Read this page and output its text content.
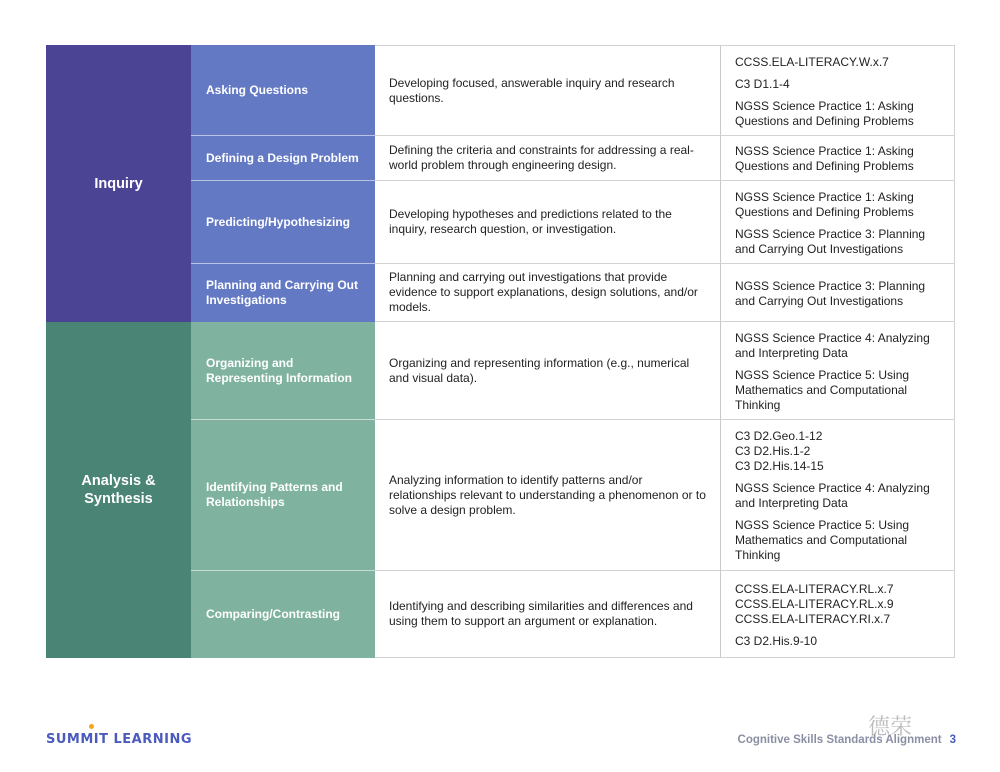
Inquiry
Analysis & Synthesis
Asking Questions	Developing focused, answerable inquiry and research questions.
CCSS.ELA-LITERACY.W.x.7
C3 D1.1-4
NGSS Science Practice 1: Asking Questions and Defining Problems
Defining a Design Problem
Defining the criteria and constraints for addressing a real-world problem through engineering design.
NGSS Science Practice 1: Asking Questions and Defining Problems
Predicting/Hypothesizing
Developing hypotheses and predictions related to the inquiry, research question, or investigation.
NGSS Science Practice 1: Asking Questions and Defining Problems
NGSS Science Practice 3: Planning and Carrying Out Investigations
Planning and Carrying Out Investigations
Planning and carrying out investigations that provide evidence to support explanations, design solutions, and/or models.
NGSS Science Practice 3: Planning and Carrying Out Investigations
Organizing and Representing Information
Organizing and representing information (e.g., numerical and visual data).
NGSS Science Practice 4: Analyzing and Interpreting Data
NGSS Science Practice 5: Using Mathematics and Computational Thinking
Identifying Patterns and Relationships
Analyzing information to identify patterns and/or relationships relevant to understanding a phenomenon or to solve a design problem.
C3 D2.Geo.1-12
C3 D2.His.1-2
C3 D2.His.14-15
NGSS Science Practice 4: Analyzing and Interpreting Data
NGSS Science Practice 5: Using Mathematics and Computational Thinking
Comparing/Contrasting
Identifying and describing similarities and differences and using them to support an argument or explanation.
CCSS.ELA-LITERACY.RL.x.7
CCSS.ELA-LITERACY.RL.x.9
CCSS.ELA-LITERACY.RI.x.7
C3 D2.His.9-10
SUMMIT LEARNING	德荣
Cognitive Skills Standards Alignment 3
